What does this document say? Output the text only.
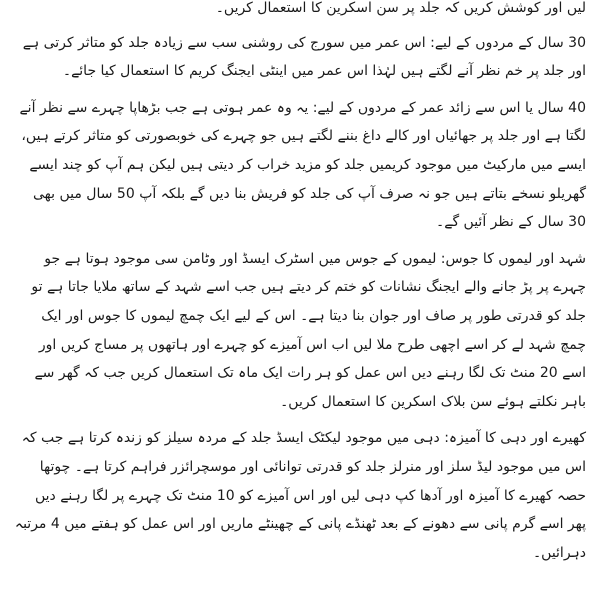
لیں اور کوشش کریں کہ جلد پر سن اسکرین کا استعمال کریں۔

30 سال کے مردوں کے لیے: اس عمر میں سورج کی روشنی سب سے زیادہ جلد کو متاثر کرتی ہے اور جلد پر خم نظر آنے لگتے ہیں لہٰذا اس عمر میں اینٹی ایجنگ کریم کا استعمال کیا جائے۔

40 سال یا اس سے زائد عمر کے مردوں کے لیے: یہ وہ عمر ہوتی ہے جب بڑھاپا چہرے سے نظر آنے لگتا ہے اور جلد پر جھائیاں اور کالے داغ بننے لگتے ہیں جو چہرے کی خوبصورتی کو متاثر کرتے ہیں، ایسے میں مارکیٹ میں موجود کریمیں جلد کو مزید خراب کر دیتی ہیں لیکن ہم آپ کو چند ایسے گھریلو نسخے بتاتے ہیں جو نہ صرف آپ کی جلد کو فریش بنا دیں گے بلکہ آپ 50 سال میں بھی 30 سال کے نظر آئیں گے۔

شہد اور لیموں کا جوس: لیموں کے جوس میں اسٹرک ایسڈ اور وٹامن سی موجود ہوتا ہے جو چہرے پر پڑ جانے والے ایجنگ نشانات کو ختم کر دیتے ہیں جب اسے شہد کے ساتھ ملایا جاتا ہے تو جلد کو قدرتی طور پر صاف اور جوان بنا دیتا ہے۔ اس کے لیے ایک چمچ لیموں کا جوس اور ایک چمچ شہد لے کر اسے اچھی طرح ملا لیں اب اس آمیزے کو چہرے اور ہاتھوں پر مساج کریں اور اسے 20 منٹ تک لگا رہنے دیں اس عمل کو ہر رات ایک ماہ تک استعمال کریں جب کہ گھر سے باہر نکلتے ہوئے سن بلاک اسکرین کا استعمال کریں۔

کھیرے اور دہی کا آمیزہ: دہی میں موجود لیکٹک ایسڈ جلد کے مردہ سیلز کو زندہ کرتا ہے جب کہ اس میں موجود لیڈ سلز اور منرلز جلد کو قدرتی توانائی اور موسچرائزر فراہم کرتا ہے۔ چوتھا حصہ کھیرے کا آمیزہ اور آدھا کپ دہی لیں اور اس آمیزے کو 10 منٹ تک چہرے پر لگا رہنے دیں پھر اسے گرم پانی سے دھونے کے بعد ٹھنڈے پانی کے چھینٹے ماریں اور اس عمل کو ہفتے میں 4 مرتبہ دہرائیں۔
